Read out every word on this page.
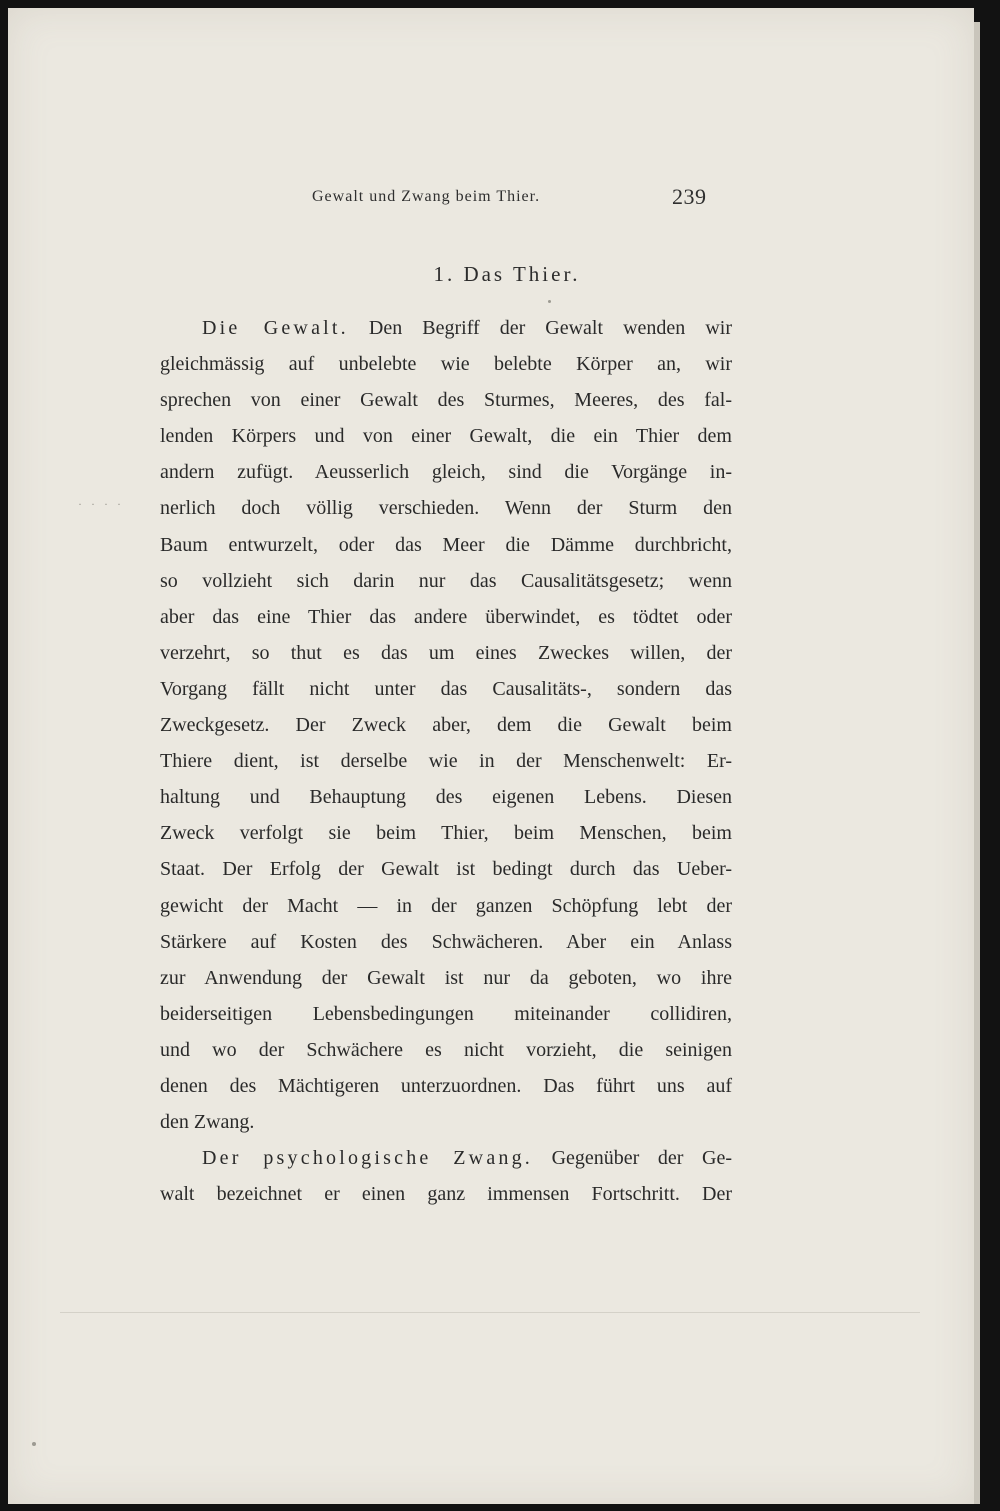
Gewalt und Zwang beim Thier.	239
1. Das Thier.
· · · ·
Die Gewalt. Den Begriff der Gewalt wenden wir
gleichmässig auf unbelebte wie belebte Körper an, wir
sprechen von einer Gewalt des Sturmes, Meeres, des fal-
lenden Körpers und von einer Gewalt, die ein Thier dem
andern zufügt. Aeusserlich gleich, sind die Vorgänge in-
nerlich doch völlig verschieden. Wenn der Sturm den
Baum entwurzelt, oder das Meer die Dämme durchbricht,
so vollzieht sich darin nur das Causalitätsgesetz; wenn
aber das eine Thier das andere überwindet, es tödtet oder
verzehrt, so thut es das um eines Zweckes willen, der
Vorgang fällt nicht unter das Causalitäts-, sondern das
Zweckgesetz. Der Zweck aber, dem die Gewalt beim
Thiere dient, ist derselbe wie in der Menschenwelt: Er-
haltung und Behauptung des eigenen Lebens. Diesen
Zweck verfolgt sie beim Thier, beim Menschen, beim
Staat. Der Erfolg der Gewalt ist bedingt durch das Ueber-
gewicht der Macht — in der ganzen Schöpfung lebt der
Stärkere auf Kosten des Schwächeren. Aber ein Anlass
zur Anwendung der Gewalt ist nur da geboten, wo ihre
beiderseitigen Lebensbedingungen miteinander collidiren,
und wo der Schwächere es nicht vorzieht, die seinigen
denen des Mächtigeren unterzuordnen. Das führt uns auf
den Zwang.
Der psychologische Zwang. Gegenüber der Ge-
walt bezeichnet er einen ganz immensen Fortschritt. Der
